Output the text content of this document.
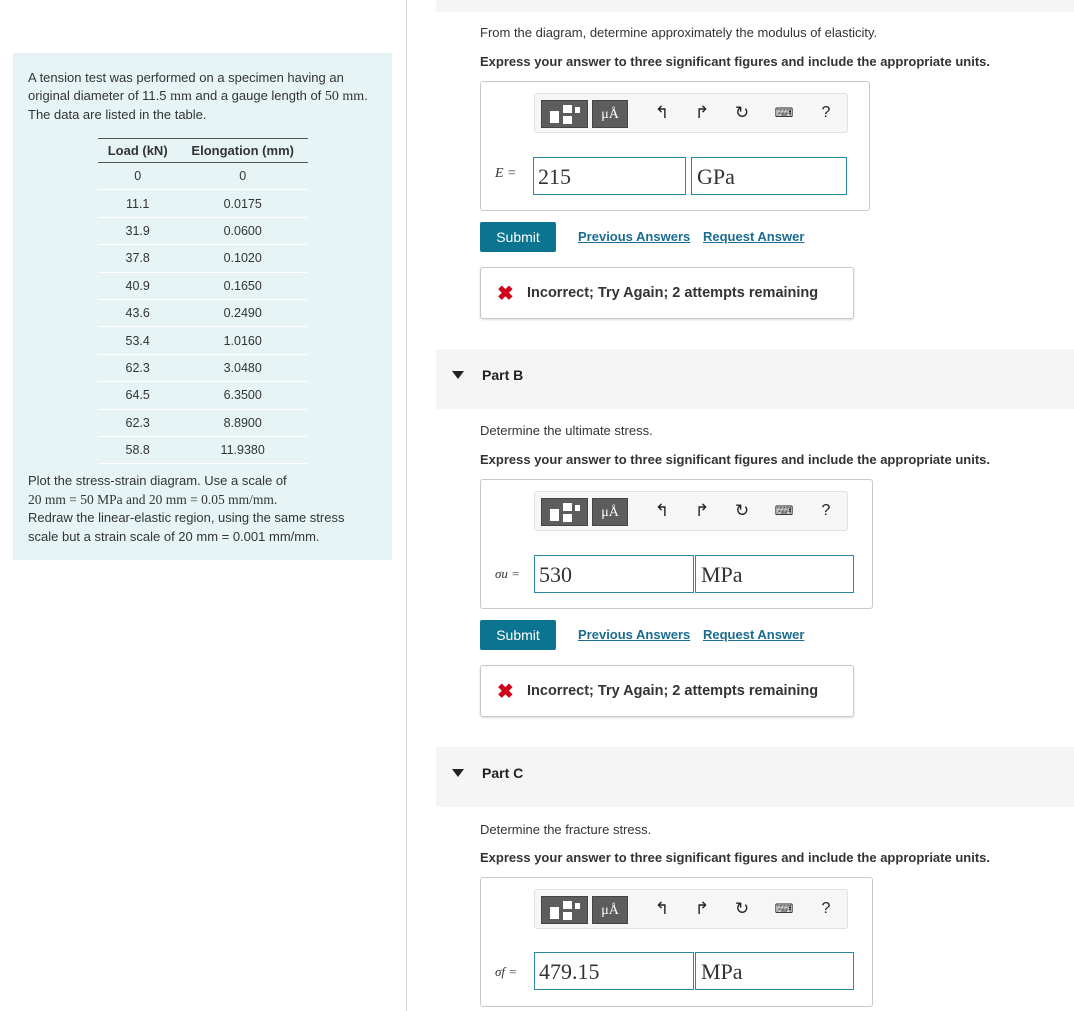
A tension test was performed on a specimen having an original diameter of 11.5 mm and a gauge length of 50 mm. The data are listed in the table.
Load (kN)	Elongation (mm)
0	0
11.1	0.0175
31.9	0.0600
37.8	0.1020
40.9	0.1650
43.6	0.2490
53.4	1.0160
62.3	3.0480
64.5	6.3500
62.3	8.8900
58.8	11.9380
Plot the stress-strain diagram. Use a scale of
20 mm = 50 MPa and 20 mm = 0.05 mm/mm.
Redraw the linear-elastic region, using the same stress
scale but a strain scale of 20 mm = 0.001 mm/mm.
From the diagram, determine approximately the modulus of elasticity.
Express your answer to three significant figures and include the appropriate units.
μÅ	↰ ↱ ↻ ⌨	?
E = 215	GPa
Submit	Previous Answers Request Answer
✖ Incorrect; Try Again; 2 attempts remaining
Part B
Determine the ultimate stress.
Express your answer to three significant figures and include the appropriate units.
μÅ	↰ ↱ ↻ ⌨	?
σu = 530	MPa
Submit	Previous Answers Request Answer
✖ Incorrect; Try Again; 2 attempts remaining
Part C
Determine the fracture stress.
Express your answer to three significant figures and include the appropriate units.
μÅ	↰ ↱ ↻ ⌨	?
σf = 479.15	MPa
